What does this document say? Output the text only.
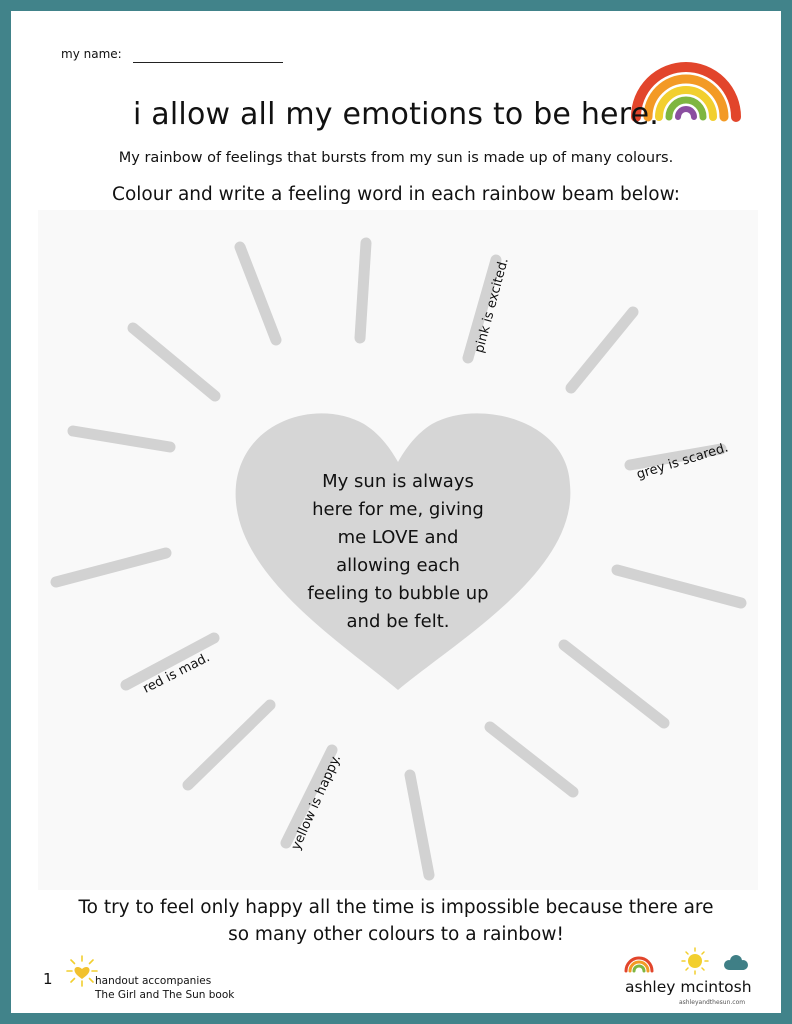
my name:
i allow all my emotions to be here.
My rainbow of feelings that bursts from my sun is made up of many colours.
Colour and write a feeling word in each rainbow beam below:
My sun is always
here for me, giving
me LOVE and
allowing each
feeling to bubble up
and be felt.
pink is excited.
grey is scared.
red is mad.
yellow is happy.
To try to feel only happy all the time is impossible because there are
so many other colours to a rainbow!
1	handout accompanies
The Girl and The Sun book	ashley mcintosh
ashleyandthesun.com
